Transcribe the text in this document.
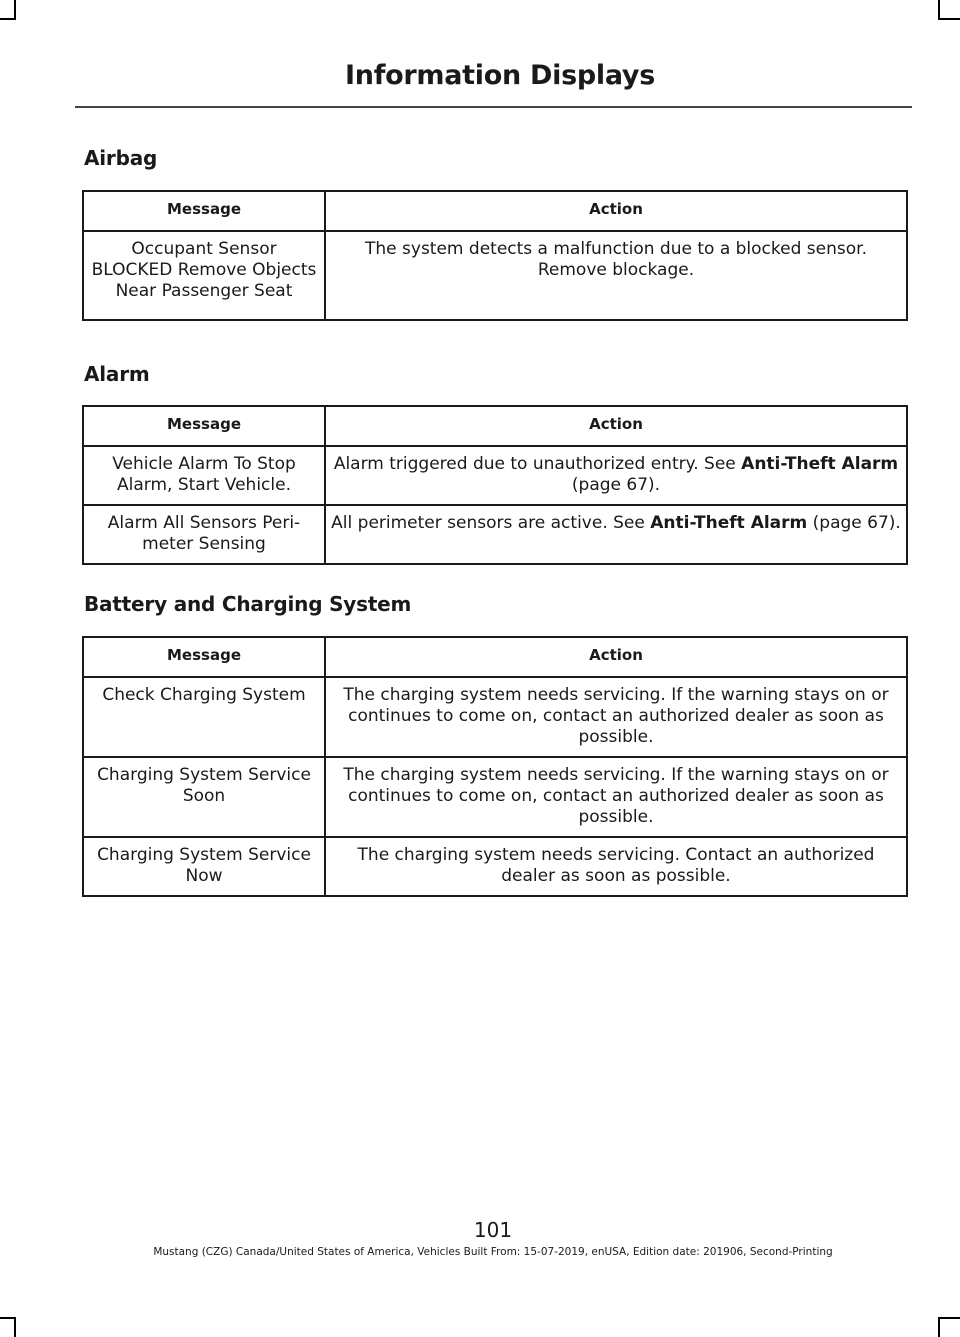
Information Displays
Airbag
Message	Action
Occupant Sensor BLOCKED Remove Objects Near Passenger Seat	The system detects a malfunction due to a blocked sensor. Remove blockage.
Alarm
Message	Action
Vehicle Alarm To Stop Alarm, Start Vehicle.	Alarm triggered due to unauthorized entry. See Anti-Theft Alarm (page 67).
Alarm All Sensors Peri-meter Sensing	All perimeter sensors are active. See Anti-Theft Alarm (page 67).
Battery and Charging System
Message	Action
Check Charging System	The charging system needs servicing. If the warning stays on or continues to come on, contact an authorized dealer as soon as possible.
Charging System Service Soon	The charging system needs servicing. If the warning stays on or continues to come on, contact an authorized dealer as soon as possible.
Charging System Service Now	The charging system needs servicing. Contact an authorized dealer as soon as possible.
101
Mustang (CZG) Canada/United States of America, Vehicles Built From: 15-07-2019, enUSA, Edition date: 201906, Second-Printing
